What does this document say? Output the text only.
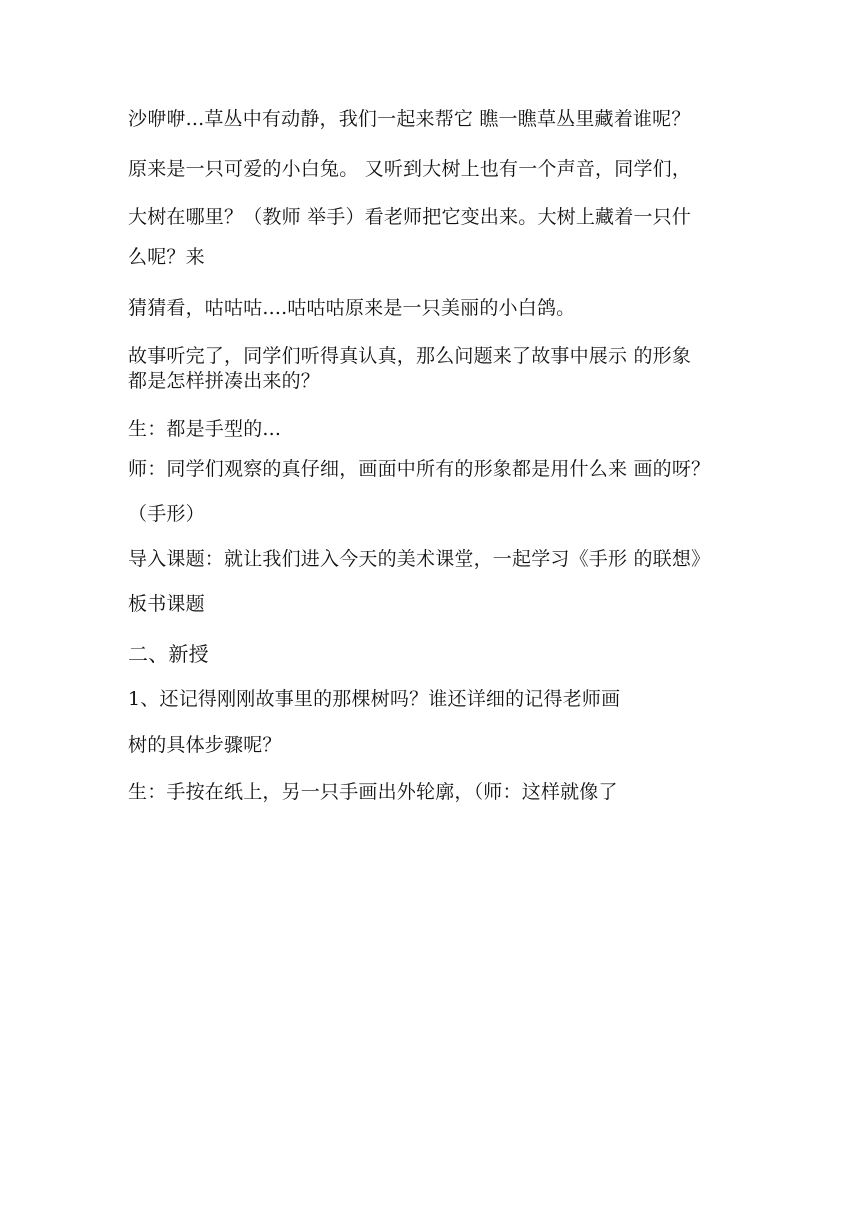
沙咿咿...草丛中有动静，我们一起来帮它 瞧一瞧草丛里藏着谁呢？
原来是一只可爱的小白兔。 又听到大树上也有一个声音，同学们，
大树在哪里？（教师 举手）看老师把它变出来。大树上藏着一只什
么呢？来
猜猜看，咕咕咕....咕咕咕原来是一只美丽的小白鸽。
故事听完了，同学们听得真认真，那么问题来了故事中展示 的形象
都是怎样拼凑出来的？
生：都是手型的...
师：同学们观察的真仔细，画面中所有的形象都是用什么来 画的呀？
（手形）
导入课题：就让我们进入今天的美术课堂，一起学习《手形 的联想》
板书课题
二、新授
1、还记得刚刚故事里的那棵树吗？谁还详细的记得老师画
树的具体步骤呢？
生：手按在纸上，另一只手画出外轮廓，（师：这样就像了
